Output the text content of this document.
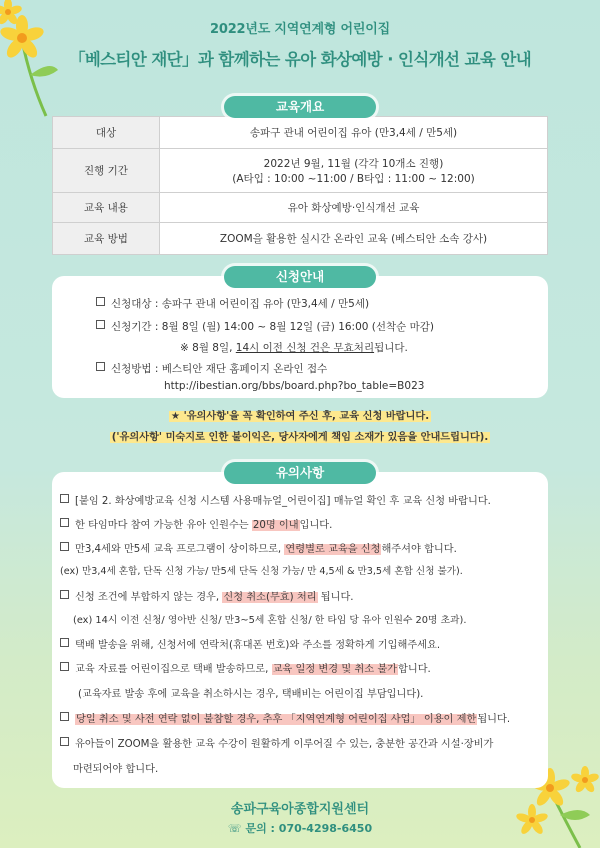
2022년도 지역연계형 어린이집
「베스티안 재단」과 함께하는 유아 화상예방 · 인식개선 교육 안내
교육개요
대상	송파구 관내 어린이집 유아 (만3,4세 / 만5세)
진행 기간	2022년 9월, 11월 (각각 10개소 진행)
(A타입 : 10:00 ~11:00 / B타입 : 11:00 ~ 12:00)

교육 내용	유아 화상예방·인식개선 교육
교육 방법	ZOOM을 활용한 실시간 온라인 교육 (베스티안 소속 강사)
신청안내
신청대상 : 송파구 관내 어린이집 유아 (만3,4세 / 만5세)
신청기간 : 8월 8일 (월) 14:00 ~ 8월 12일 (금) 16:00 (선착순 마감)
※ 8월 8일, 14시 이전 신청 건은 무효처리됩니다.
신청방법 : 베스티안 재단 홈페이지 온라인 접수
http://ibestian.org/bbs/board.php?bo_table=B023
★ '유의사항'을 꼭 확인하여 주신 후, 교육 신청 바랍니다.
('유의사항' 미숙지로 인한 불이익은, 당사자에게 책임 소재가 있음을 안내드립니다).
유의사항
[붙임 2. 화상예방교육 신청 시스템 사용매뉴얼_어린이집] 매뉴얼 확인 후 교육 신청 바랍니다.
한 타임마다 참여 가능한 유아 인원수는 20명 이내입니다.
만3,4세와 만5세 교육 프로그램이 상이하므로, 연령별로 교육을 신청해주셔야 합니다.
(ex) 만3,4세 혼합, 단독 신청 가능/ 만5세 단독 신청 가능/ 만 4,5세 & 만3,5세 혼합 신청 불가).
신청 조건에 부합하지 않는 경우, 신청 취소(무효) 처리 됩니다.
(ex) 14시 이전 신청/ 영아반 신청/ 만3~5세 혼합 신청/ 한 타임 당 유아 인원수 20명 초과).
택배 발송을 위해, 신청서에 연락처(휴대폰 번호)와 주소를 정확하게 기입해주세요.
교육 자료를 어린이집으로 택배 발송하므로, 교육 일정 변경 및 취소 불가합니다.
(교육자료 발송 후에 교육을 취소하시는 경우, 택배비는 어린이집 부담입니다).
당일 취소 및 사전 연락 없이 불참할 경우, 추후 「지역연계형 어린이집 사업」 이용이 제한됩니다.
유아들이 ZOOM을 활용한 교육 수강이 원활하게 이루어질 수 있는, 충분한 공간과 시설·장비가
마련되어야 합니다.
송파구육아종합지원센터
☏ 문의 : 070-4298-6450
